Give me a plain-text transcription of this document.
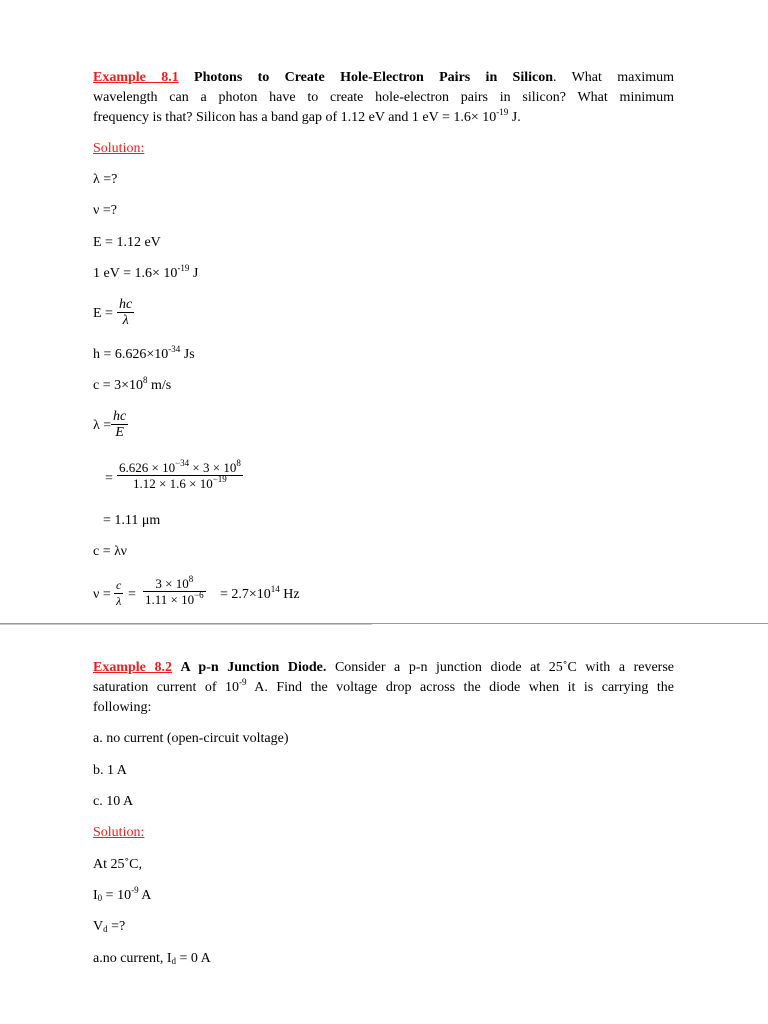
Example 8.1 Photons to Create Hole-Electron Pairs in Silicon. What maximum
wavelength can a photon have to create hole-electron pairs in silicon? What minimum
frequency is that? Silicon has a band gap of 1.12 eV and 1 eV = $1.6\times 10^{-19}$ J.
Solution:
λ =?
ν =?
E = 1.12 eV
1 eV = $1.6\times 10^{-19}$ J
$E = \frac{hc}{\lambda}$
$h = 6.626\times 10^{-34}$ Js
$c = 3\times 10^8$ m/s
$\lambda = \frac{hc}{E}$
= $\frac{6.626 \times 10^{-34} \times 3 \times 10^8}{1.12 \times 1.6 \times 10^{-19}}$
= 1.11 μm
c = λν
$\nu = \frac{c}{\lambda} = \frac{3 \times 10^8}{1.11 \times 10^{-6}} = 2.7\times 10^{14}$ Hz
Example 8.2 A p-n Junction Diode. Consider a p-n junction diode at 25˚C with a reverse
saturation current of $10^{-9}$ A. Find the voltage drop across the diode when it is carrying the
following:
a. no current (open-circuit voltage)
b. 1 A
c. 10 A
Solution:
At 25˚C,
$I_0 = 10^{-9}$ A
$V_d$ =?
a.no current, $I_d = 0$ A
